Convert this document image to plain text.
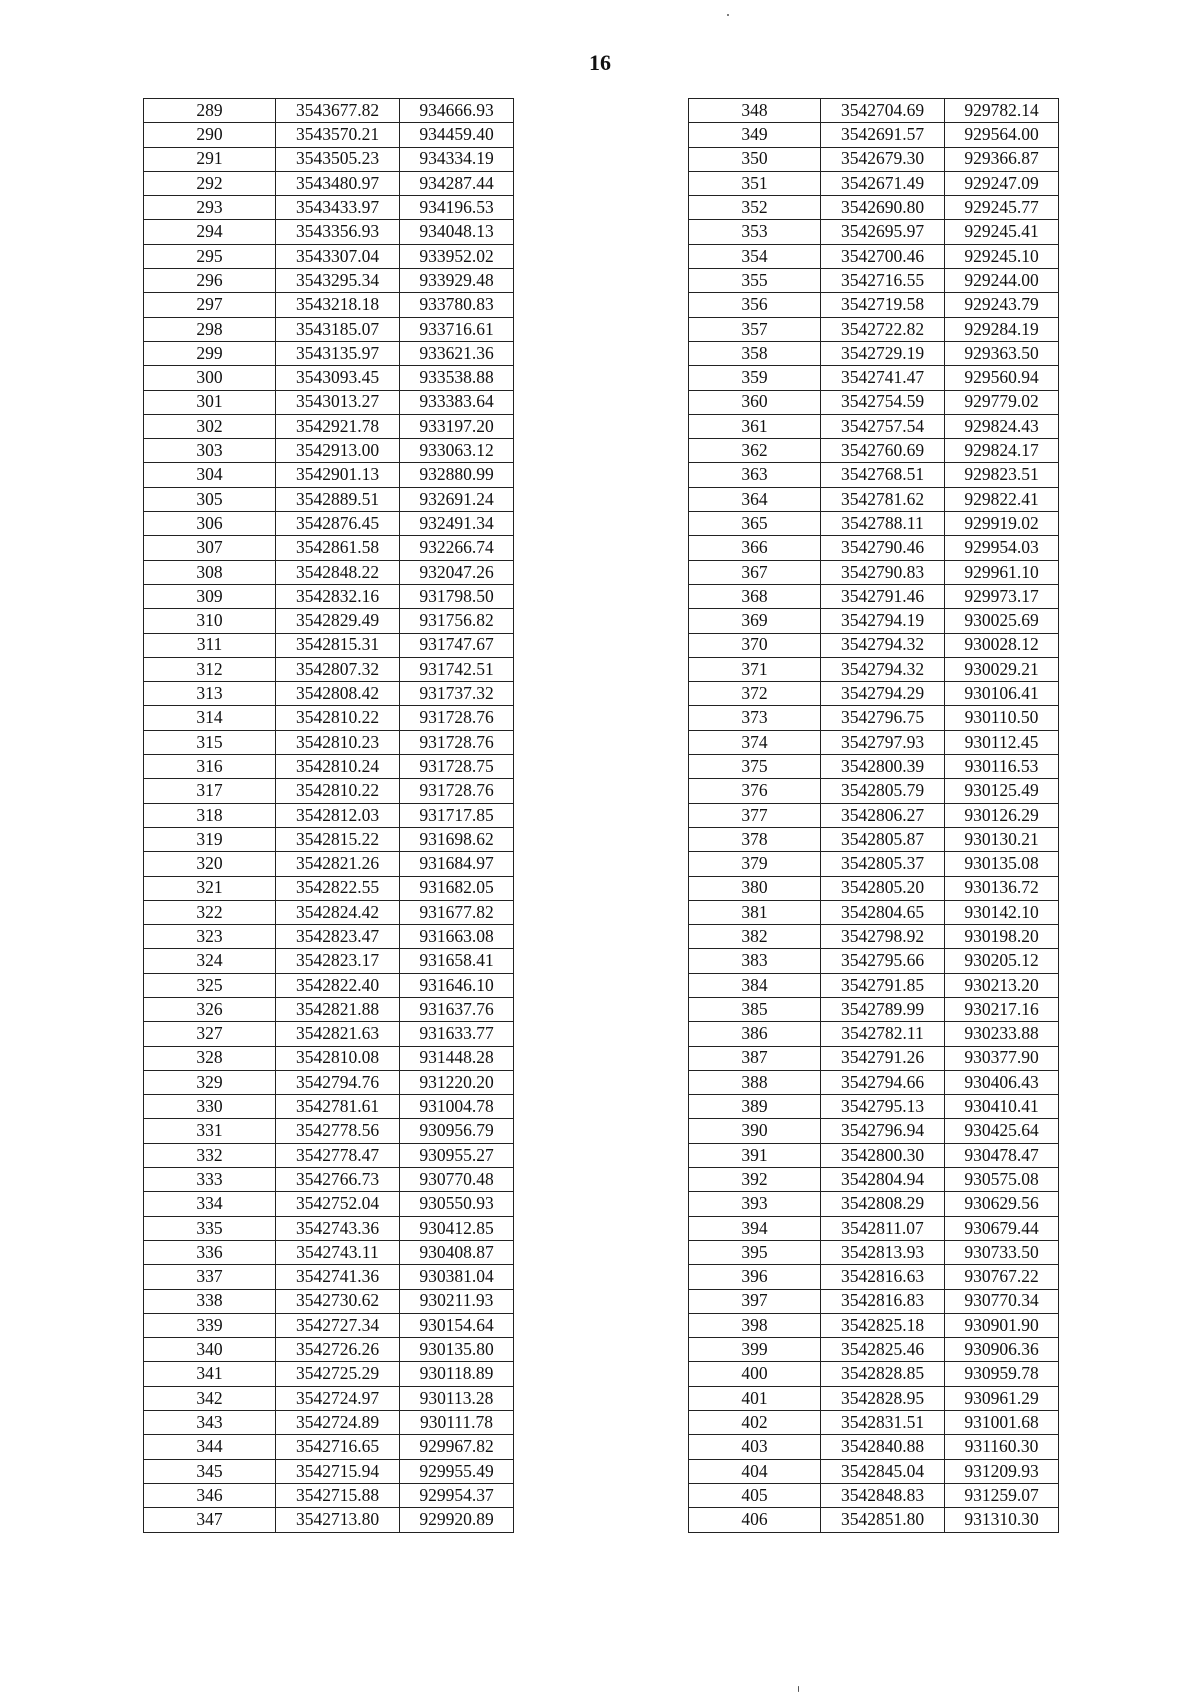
16
289	3543677.82	934666.93
290	3543570.21	934459.40
291	3543505.23	934334.19
292	3543480.97	934287.44
293	3543433.97	934196.53
294	3543356.93	934048.13
295	3543307.04	933952.02
296	3543295.34	933929.48
297	3543218.18	933780.83
298	3543185.07	933716.61
299	3543135.97	933621.36
300	3543093.45	933538.88
301	3543013.27	933383.64
302	3542921.78	933197.20
303	3542913.00	933063.12
304	3542901.13	932880.99
305	3542889.51	932691.24
306	3542876.45	932491.34
307	3542861.58	932266.74
308	3542848.22	932047.26
309	3542832.16	931798.50
310	3542829.49	931756.82
311	3542815.31	931747.67
312	3542807.32	931742.51
313	3542808.42	931737.32
314	3542810.22	931728.76
315	3542810.23	931728.76
316	3542810.24	931728.75
317	3542810.22	931728.76
318	3542812.03	931717.85
319	3542815.22	931698.62
320	3542821.26	931684.97
321	3542822.55	931682.05
322	3542824.42	931677.82
323	3542823.47	931663.08
324	3542823.17	931658.41
325	3542822.40	931646.10
326	3542821.88	931637.76
327	3542821.63	931633.77
328	3542810.08	931448.28
329	3542794.76	931220.20
330	3542781.61	931004.78
331	3542778.56	930956.79
332	3542778.47	930955.27
333	3542766.73	930770.48
334	3542752.04	930550.93
335	3542743.36	930412.85
336	3542743.11	930408.87
337	3542741.36	930381.04
338	3542730.62	930211.93
339	3542727.34	930154.64
340	3542726.26	930135.80
341	3542725.29	930118.89
342	3542724.97	930113.28
343	3542724.89	930111.78
344	3542716.65	929967.82
345	3542715.94	929955.49
346	3542715.88	929954.37
347	3542713.80	929920.89
348	3542704.69	929782.14
349	3542691.57	929564.00
350	3542679.30	929366.87
351	3542671.49	929247.09
352	3542690.80	929245.77
353	3542695.97	929245.41
354	3542700.46	929245.10
355	3542716.55	929244.00
356	3542719.58	929243.79
357	3542722.82	929284.19
358	3542729.19	929363.50
359	3542741.47	929560.94
360	3542754.59	929779.02
361	3542757.54	929824.43
362	3542760.69	929824.17
363	3542768.51	929823.51
364	3542781.62	929822.41
365	3542788.11	929919.02
366	3542790.46	929954.03
367	3542790.83	929961.10
368	3542791.46	929973.17
369	3542794.19	930025.69
370	3542794.32	930028.12
371	3542794.32	930029.21
372	3542794.29	930106.41
373	3542796.75	930110.50
374	3542797.93	930112.45
375	3542800.39	930116.53
376	3542805.79	930125.49
377	3542806.27	930126.29
378	3542805.87	930130.21
379	3542805.37	930135.08
380	3542805.20	930136.72
381	3542804.65	930142.10
382	3542798.92	930198.20
383	3542795.66	930205.12
384	3542791.85	930213.20
385	3542789.99	930217.16
386	3542782.11	930233.88
387	3542791.26	930377.90
388	3542794.66	930406.43
389	3542795.13	930410.41
390	3542796.94	930425.64
391	3542800.30	930478.47
392	3542804.94	930575.08
393	3542808.29	930629.56
394	3542811.07	930679.44
395	3542813.93	930733.50
396	3542816.63	930767.22
397	3542816.83	930770.34
398	3542825.18	930901.90
399	3542825.46	930906.36
400	3542828.85	930959.78
401	3542828.95	930961.29
402	3542831.51	931001.68
403	3542840.88	931160.30
404	3542845.04	931209.93
405	3542848.83	931259.07
406	3542851.80	931310.30
